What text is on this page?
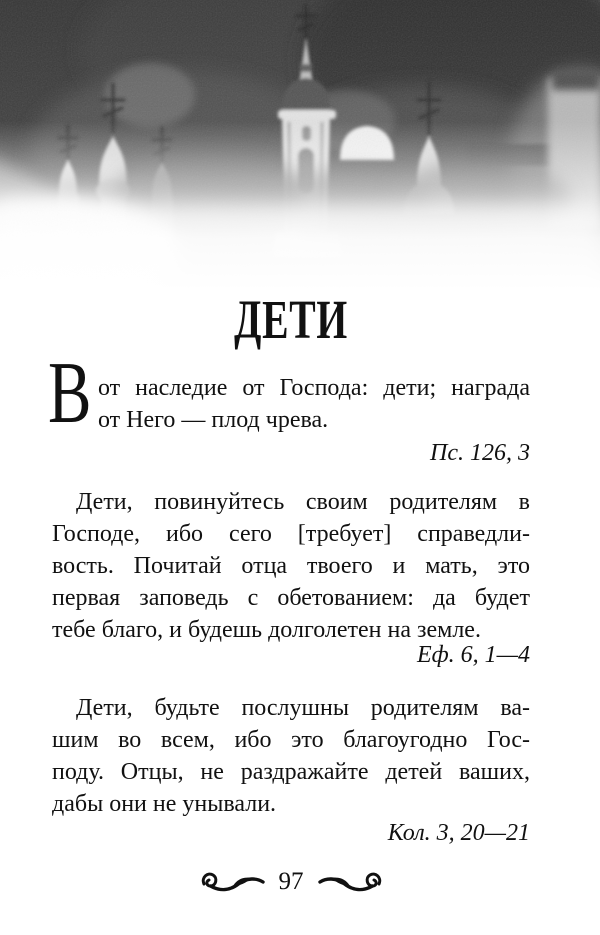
ДЕТИ
В от наследие от Господа: дети; награда
от Него — плод чрева.
Пс. 126, 3
Дети, повинуйтесь своим родителям в
Господе, ибо сего [требует] справедли-
вость. Почитай отца твоего и мать, это
первая заповедь с обетованием: да будет
тебе благо, и будешь долголетен на земле.
Еф. 6, 1—4
Дети, будьте послушны родителям ва-
шим во всем, ибо это благоугодно Гос-
поду. Отцы, не раздражайте детей ваших,
дабы они не унывали.
Кол. 3, 20—21
97
